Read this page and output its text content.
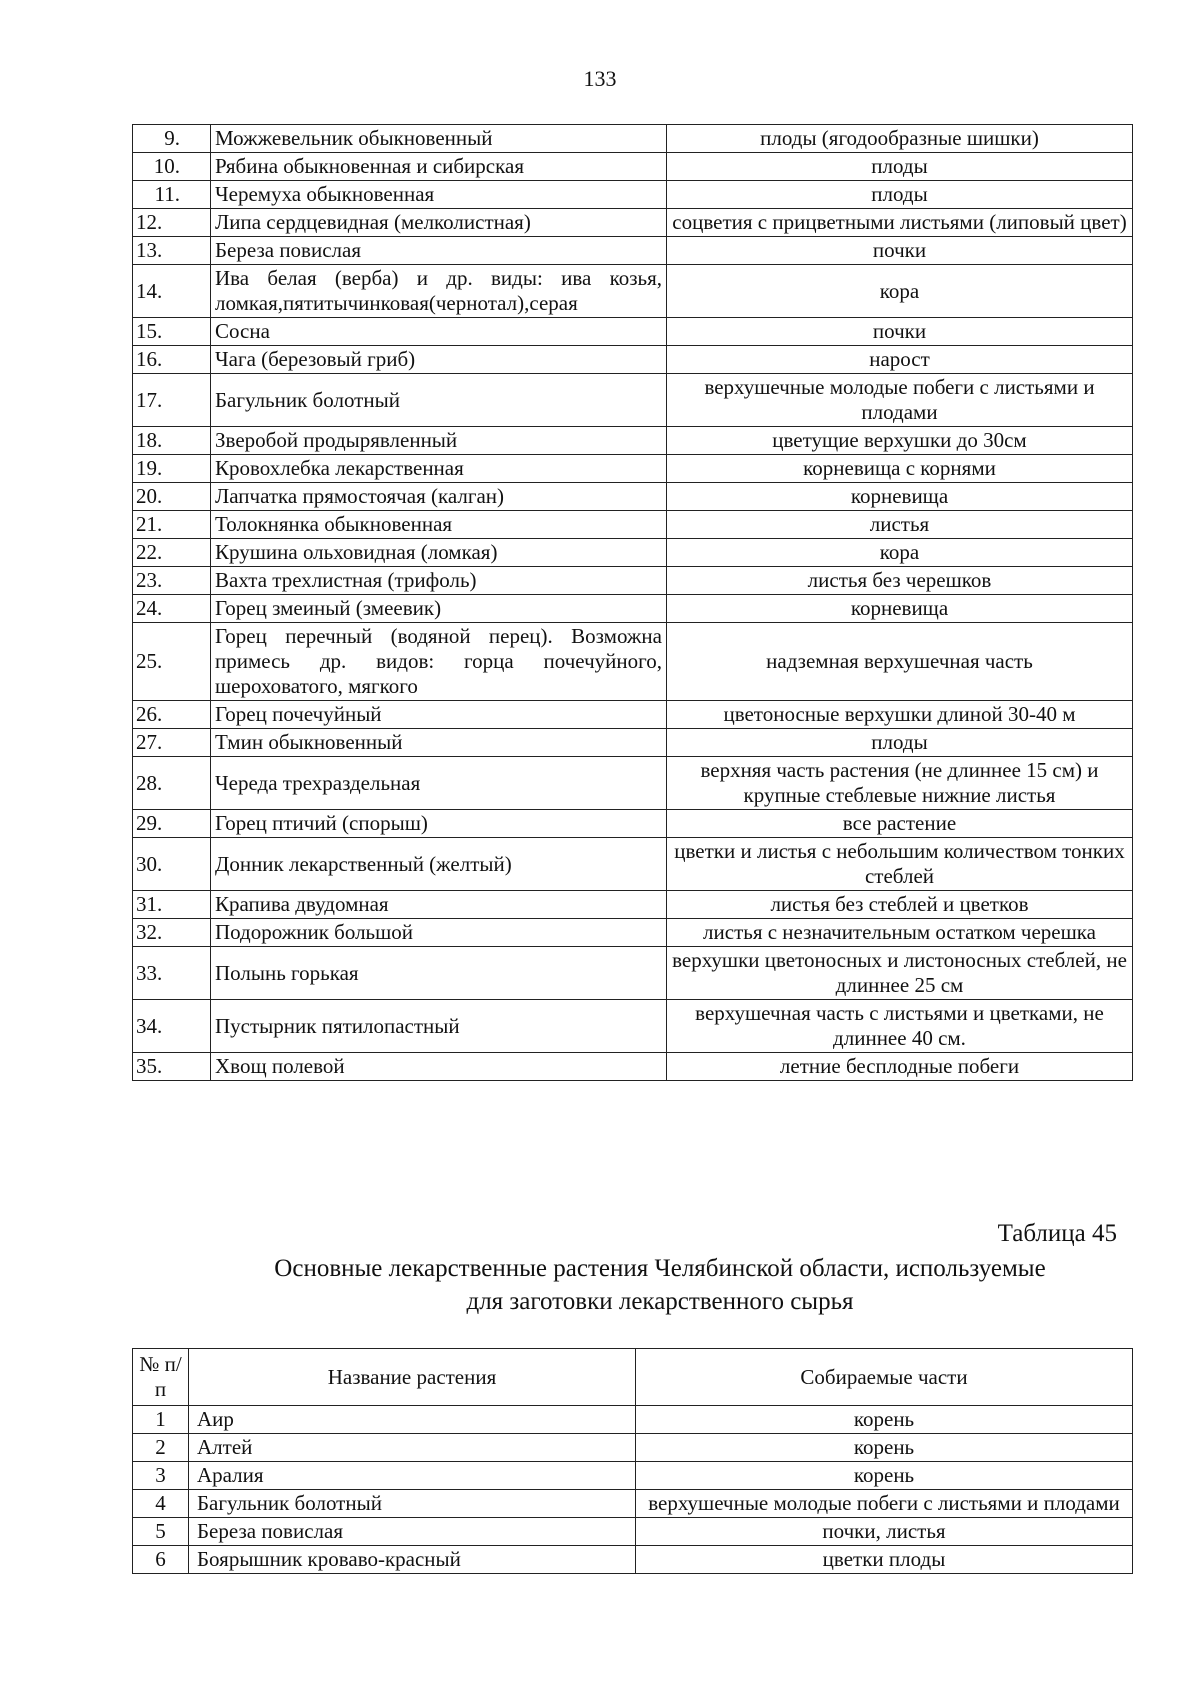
133
9.	Можжевельник обыкновенный	плоды (ягодообразные шишки)
10.	Рябина обыкновенная и сибирская	плоды
11.	Черемуха обыкновенная	плоды
12.	Липа сердцевидная (мелколистная)	соцветия с прицветными листьями (липовый цвет)
13.	Береза повислая	почки
14.	Ива белая (верба) и др. виды: ива козья, ломкая,пятитычинковая(чернотал),серая	кора
15.	Сосна	почки
16.	Чага (березовый гриб)	нарост
17.	Багульник болотный	верхушечные молодые побеги с листьями и плодами
18.	Зверобой продырявленный	цветущие верхушки до 30см
19.	Кровохлебка лекарственная	корневища с корнями
20.	Лапчатка прямостоячая (калган)	корневища
21.	Толокнянка обыкновенная	листья
22.	Крушина ольховидная (ломкая)	кора
23.	Вахта трехлистная (трифоль)	листья без черешков
24.	Горец змеиный (змеевик)	корневища
25.	Горец перечный (водяной перец). Возможна примесь др. видов: горца почечуйного, шероховатого, мягкого	надземная верхушечная часть
26.	Горец почечуйный	цветоносные верхушки длиной 30-40 м
27.	Тмин обыкновенный	плоды
28.	Череда трехраздельная	верхняя часть растения (не длиннее 15 см) и крупные стеблевые нижние листья
29.	Горец птичий (спорыш)	все растение
30.	Донник лекарственный (желтый)	цветки и листья с небольшим количеством тонких стеблей
31.	Крапива двудомная	листья без стеблей и цветков
32.	Подорожник большой	листья с незначительным остатком черешка
33.	Полынь горькая	верхушки цветоносных и листоносных стеблей, не длиннее 25 см
34.	Пустырник пятилопастный	верхушечная часть с листьями и цветками, не длиннее 40 см.
35.	Хвощ полевой	летние бесплодные побеги
Таблица 45
Основные лекарственные растения Челябинской области, используемые
для заготовки лекарственного сырья
№ п/п	Название растения	Собираемые части
1	Аир	корень
2	Алтей	корень
3	Аралия	корень
4	Багульник болотный	верхушечные молодые побеги с листьями и плодами
5	Береза повислая	почки, листья
6	Боярышник кроваво-красный	цветки плоды
